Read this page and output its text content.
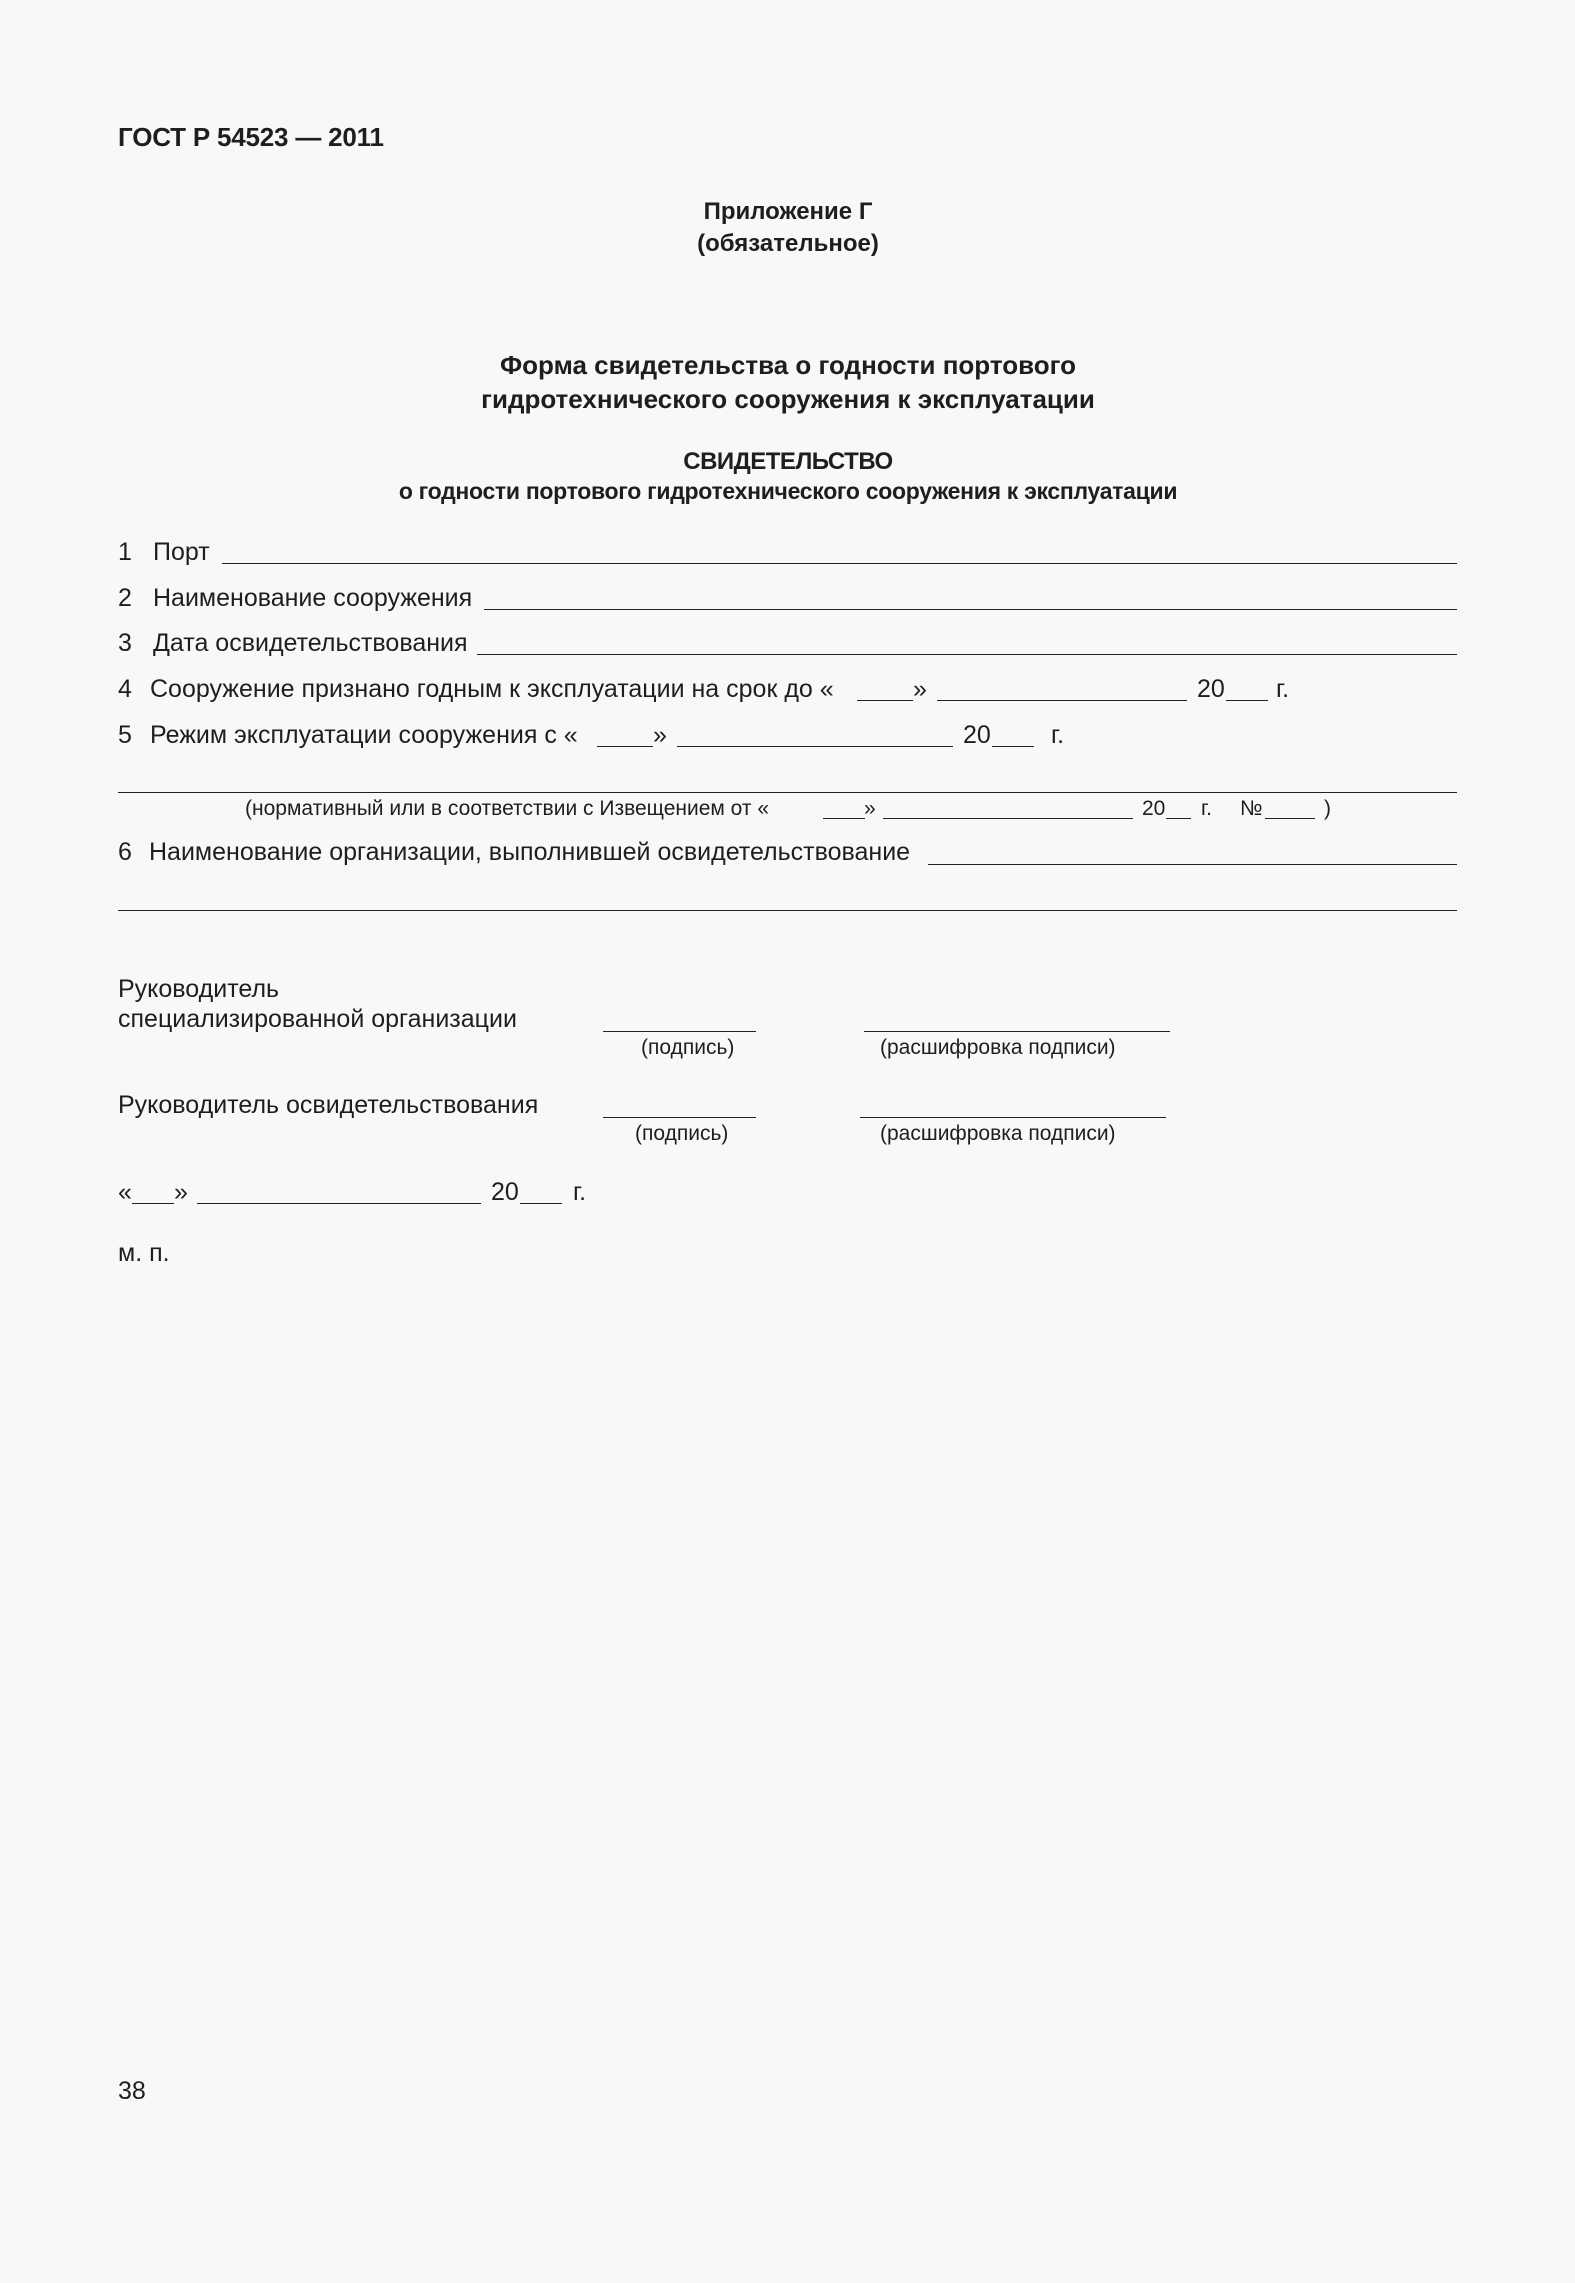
ГОСТ Р 54523 — 2011
Приложение Г
(обязательное)
Форма свидетельства о годности портового
гидротехнического сооружения к эксплуатации
СВИДЕТЕЛЬСТВО
о годности портового гидротехнического сооружения к эксплуатации
1 Порт
2 Наименование сооружения
3 Дата освидетельствования
4 Сооружение признано годным к эксплуатации на срок до «	»	20 г.
5 Режим эксплуатации сооружения с «	»	20 г.
(нормативный или в соответствии с Извещением от «	»	20 г. №	)
6 Наименование организации, выполнившей освидетельствование
Руководитель
специализированной организации
(подпись)	(расшифровка подписи)
Руководитель освидетельствования
(подпись)	(расшифровка подписи)
« »	20 г.
м. п.
38
